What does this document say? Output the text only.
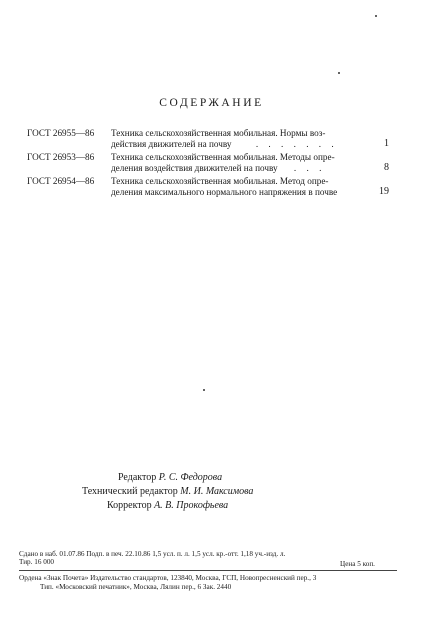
СОДЕРЖАНИЕ
ГОСТ 26955—86 Техника сельскохозяйственная мобильная. Нормы воз-
действия движителей на почву	. . . . . . .	1
ГОСТ 26953—86 Техника сельскохозяйственная мобильная. Методы опре-
деления воздействия движителей на почву . . .	8
ГОСТ 26954—86 Техника сельскохозяйственная мобильная. Метод опре-
деления максимального нормального напряжения в почве	19
Редактор Р. С. Федорова
Технический редактор М. И. Максимова
Корректор А. В. Прокофьева
Сдано в наб. 01.07.86 Подп. в печ. 22.10.86 1,5 усл. п. л. 1,5 усл. кр.-отт. 1,18 уч.-изд. л.
Тир. 16 000	Цена 5 коп.
Ордена «Знак Почета» Издательство стандартов, 123840, Москва, ГСП, Новопресненский пер., 3
Тип. «Московский печатник», Москва, Лялин пер., 6 Зак. 2440
